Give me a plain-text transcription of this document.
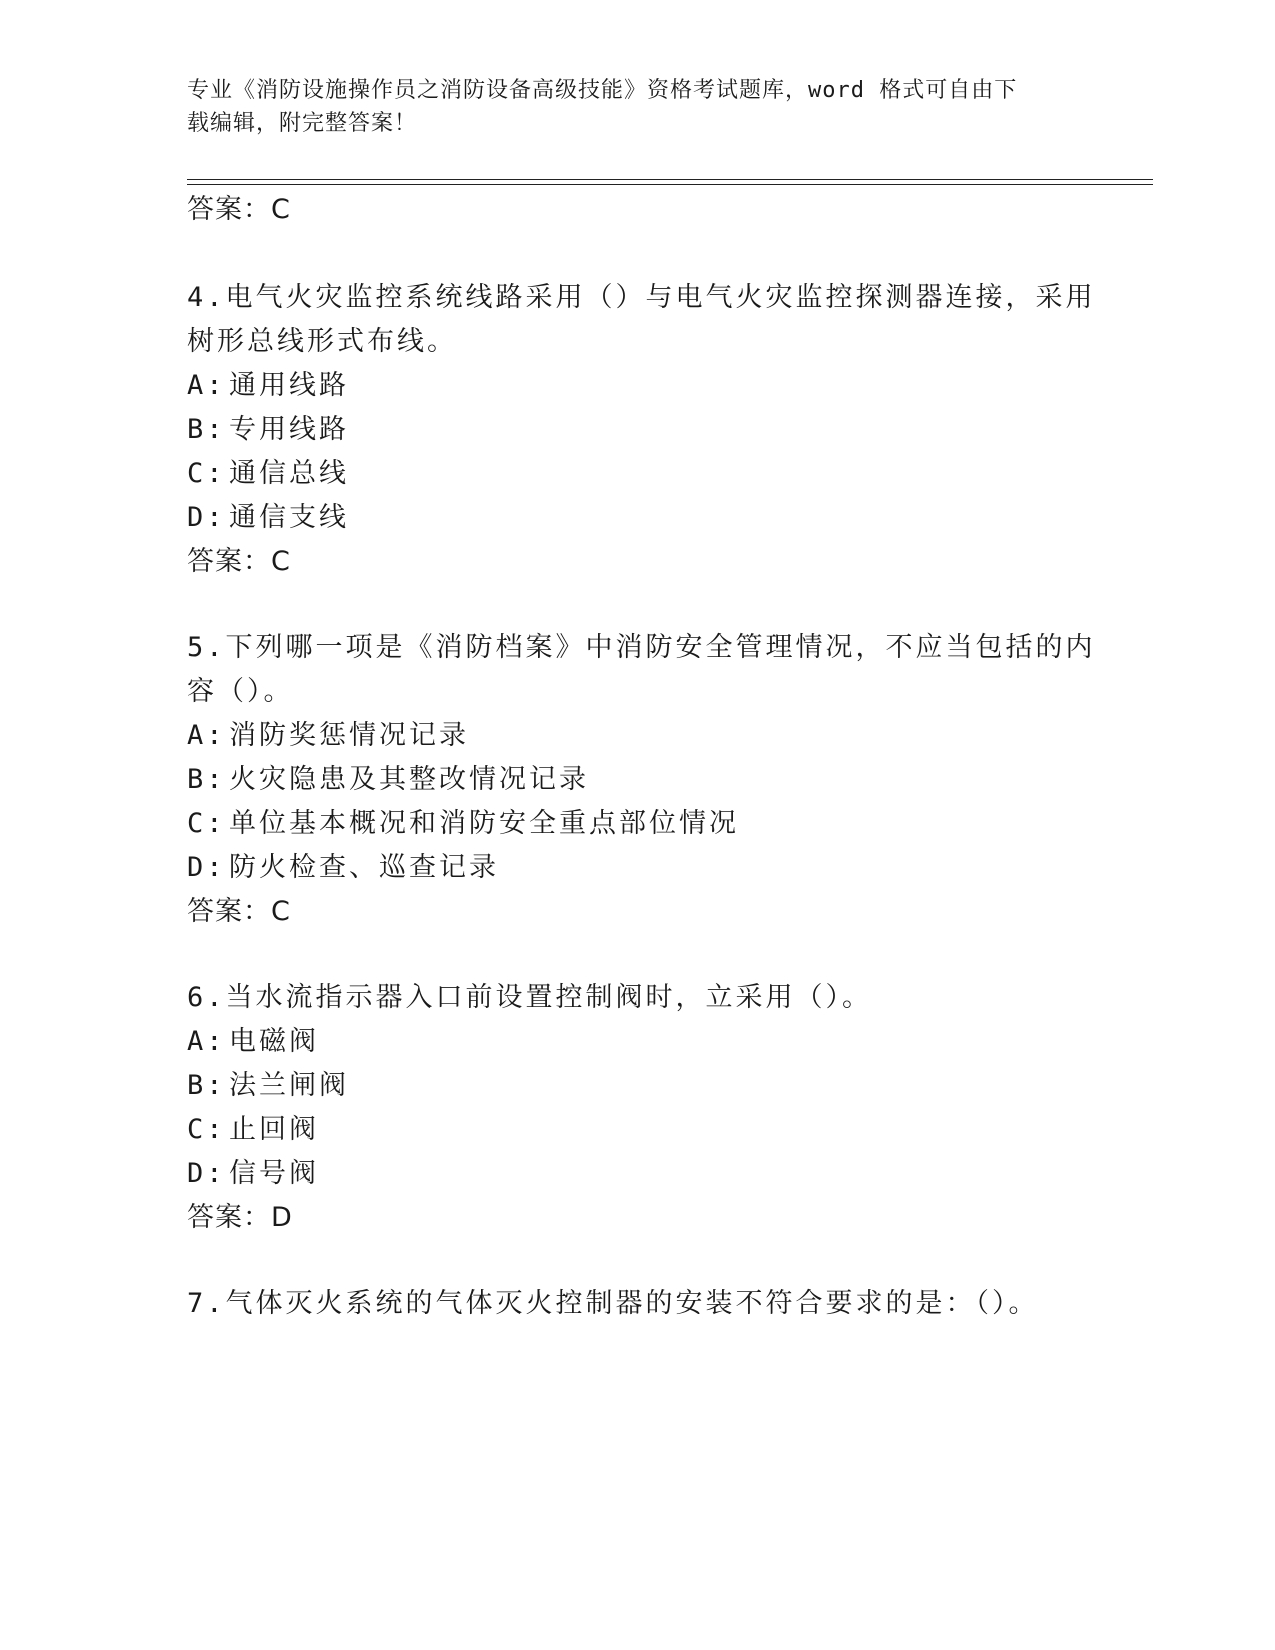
专业《消防设施操作员之消防设备高级技能》资格考试题库，word 格式可自由下
载编辑，附完整答案！
答案：C
4.电气火灾监控系统线路采用（）与电气火灾监控探测器连接，采用
树形总线形式布线。
A: 通用线路
B: 专用线路
C: 通信总线
D: 通信支线
答案：C
5.下列哪一项是《消防档案》中消防安全管理情况，不应当包括的内
容（）。
A: 消防奖惩情况记录
B: 火灾隐患及其整改情况记录
C: 单位基本概况和消防安全重点部位情况
D: 防火检查、巡查记录
答案：C
6.当水流指示器入口前设置控制阀时，立采用（）。
A: 电磁阀
B: 法兰闸阀
C: 止回阀
D: 信号阀
答案：D
7.气体灭火系统的气体灭火控制器的安装不符合要求的是：（）。
